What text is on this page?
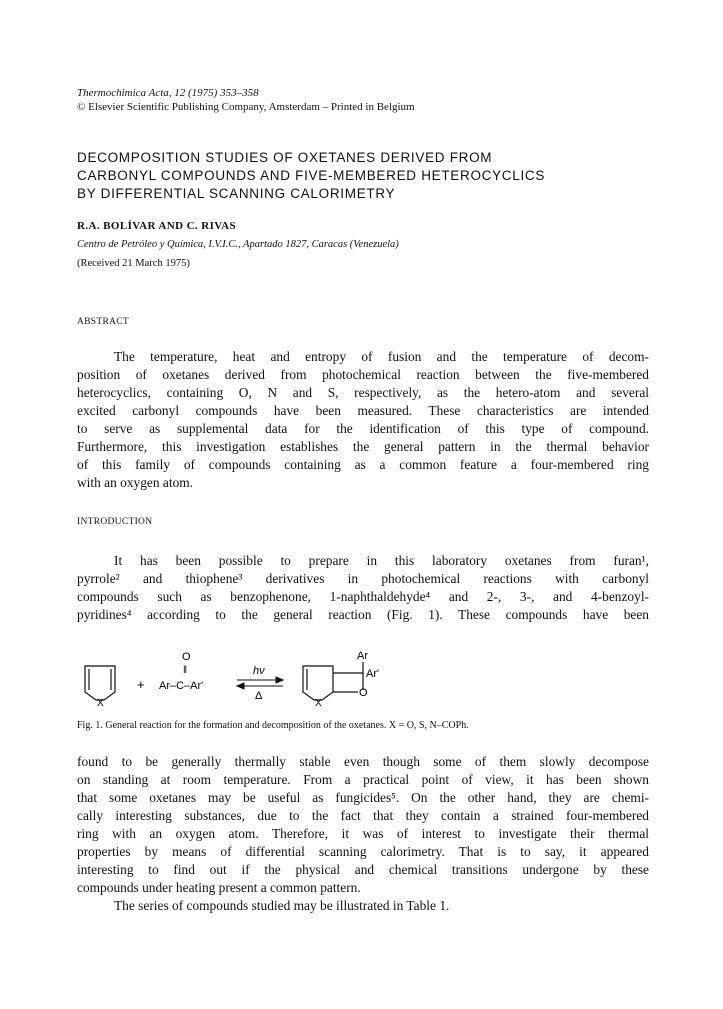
Thermochimica Acta, 12 (1975) 353–358
© Elsevier Scientific Publishing Company, Amsterdam – Printed in Belgium
DECOMPOSITION STUDIES OF OXETANES DERIVED FROM
CARBONYL COMPOUNDS AND FIVE-MEMBERED HETEROCYCLICS
BY DIFFERENTIAL SCANNING CALORIMETRY
R.A. BOLÍVAR AND C. RIVAS
Centro de Petróleo y Química, I.V.I.C., Apartado 1827, Caracas (Venezuela)
(Received 21 March 1975)
ABSTRACT
The temperature, heat and entropy of fusion and the temperature of decom-
position of oxetanes derived from photochemical reaction between the five-membered
heterocyclics, containing O, N and S, respectively, as the hetero-atom and several
excited carbonyl compounds have been measured. These characteristics are intended
to serve as supplemental data for the identification of this type of compound.
Furthermore, this investigation establishes the general pattern in the thermal behavior
of this family of compounds containing as a common feature a four-membered ring
with an oxygen atom.
INTRODUCTION
It has been possible to prepare in this laboratory oxetanes from furan¹,
pyrrole² and thiophene³ derivatives in photochemical reactions with carbonyl
compounds such as benzophenone, 1-naphthaldehyde⁴ and 2-, 3-, and 4-benzoyl-
pyridines⁴ according to the general reaction (Fig. 1). These compounds have been
X
+
O
‖
Ar–C–Ar'
hν
Δ
Ar
Ar'
O
X
Fig. 1. General reaction for the formation and decomposition of the oxetanes. X = O, S, N–COPh.
found to be generally thermally stable even though some of them slowly decompose
on standing at room temperature. From a practical point of view, it has been shown
that some oxetanes may be useful as fungicides⁵. On the other hand, they are chemi-
cally interesting substances, due to the fact that they contain a strained four-membered
ring with an oxygen atom. Therefore, it was of interest to investigate their thermal
properties by means of differential scanning calorimetry. That is to say, it appeared
interesting to find out if the physical and chemical transitions undergone by these
compounds under heating present a common pattern.
The series of compounds studied may be illustrated in Table 1.
